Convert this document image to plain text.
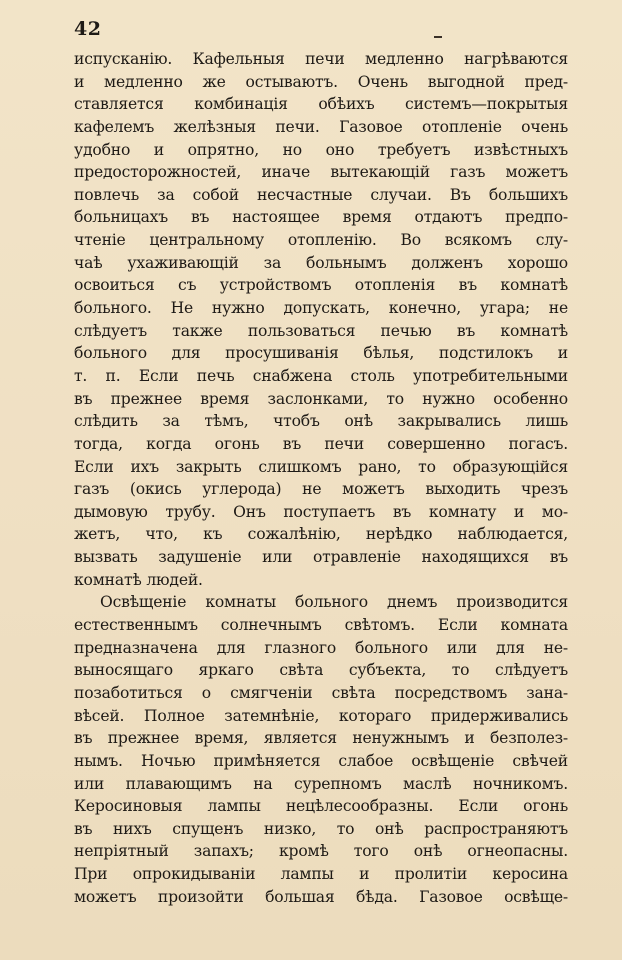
42
испусканію. Кафельныя печи медленно нагрѣваются
и медленно же остываютъ. Очень выгодной пред-
ставляется комбинація обѣихъ системъ—покрытыя
кафелемъ желѣзныя печи. Газовое отопленіе очень
удобно и опрятно, но оно требуетъ извѣстныхъ
предосторожностей, иначе вытекающій газъ можетъ
повлечь за собой несчастные случаи. Въ большихъ
больницахъ въ настоящее время отдаютъ предпо-
чтеніе центральному отопленію. Во всякомъ слу-
чаѣ ухаживающій за больнымъ долженъ хорошо
освоиться съ устройствомъ отопленія въ комнатѣ
больного. Не нужно допускать, конечно, угара; не
слѣдуетъ также пользоваться печью въ комнатѣ
больного для просушиванія бѣлья, подстилокъ и
т. п. Если печь снабжена столь употребительными
въ прежнее время заслонками, то нужно особенно
слѣдить за тѣмъ, чтобъ онѣ закрывались лишь
тогда, когда огонь въ печи совершенно погасъ.
Если ихъ закрыть слишкомъ рано, то образующійся
газъ (окись углерода) не можетъ выходить чрезъ
дымовую трубу. Онъ поступаетъ въ комнату и мо-
жетъ, что, къ сожалѣнію, нерѣдко наблюдается,
вызвать задушеніе или отравленіе находящихся въ
комнатѣ людей.
Освѣщеніе комнаты больного днемъ производится
естественнымъ солнечнымъ свѣтомъ. Если комната
предназначена для глазного больного или для не-
выносящаго яркаго свѣта субъекта, то слѣдуетъ
позаботиться о смягченіи свѣта посредствомъ зана-
вѣсей. Полное затемнѣніе, котораго придерживались
въ прежнее время, является ненужнымъ и безполез-
нымъ. Ночью примѣняется слабое освѣщеніе свѣчей
или плавающимъ на сурепномъ маслѣ ночникомъ.
Керосиновыя лампы нецѣлесообразны. Если огонь
въ нихъ спущенъ низко, то онѣ распространяютъ
непріятный запахъ; кромѣ того онѣ огнеопасны.
При опрокидываніи лампы и пролитіи керосина
можетъ произойти большая бѣда. Газовое освѣще-
